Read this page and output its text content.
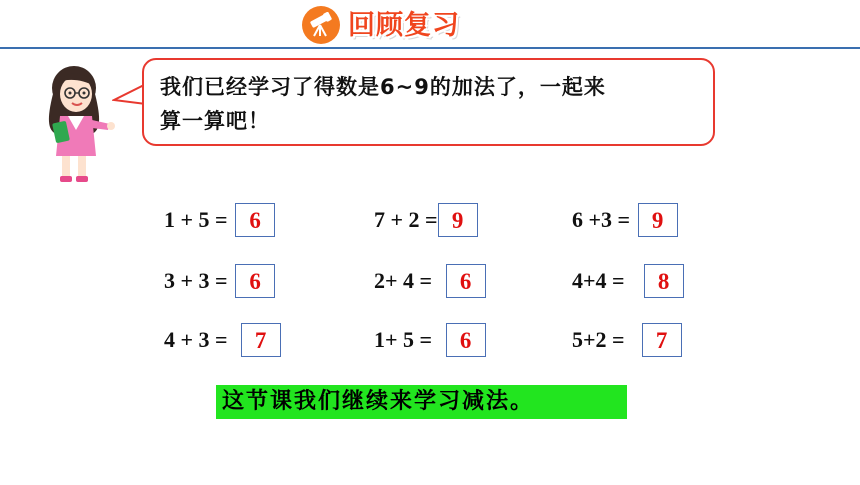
回顾复习
我们已经学习了得数是6~9的加法了，一起来
算一算吧！
1 + 5 = 6	7 + 2 = 9	6 +3 = 9
3 + 3 = 6	2+ 4 = 6	4+4 = 8
4 + 3 = 7	1+ 5 = 6	5+2 = 7
这节课我们继续来学习减法。
